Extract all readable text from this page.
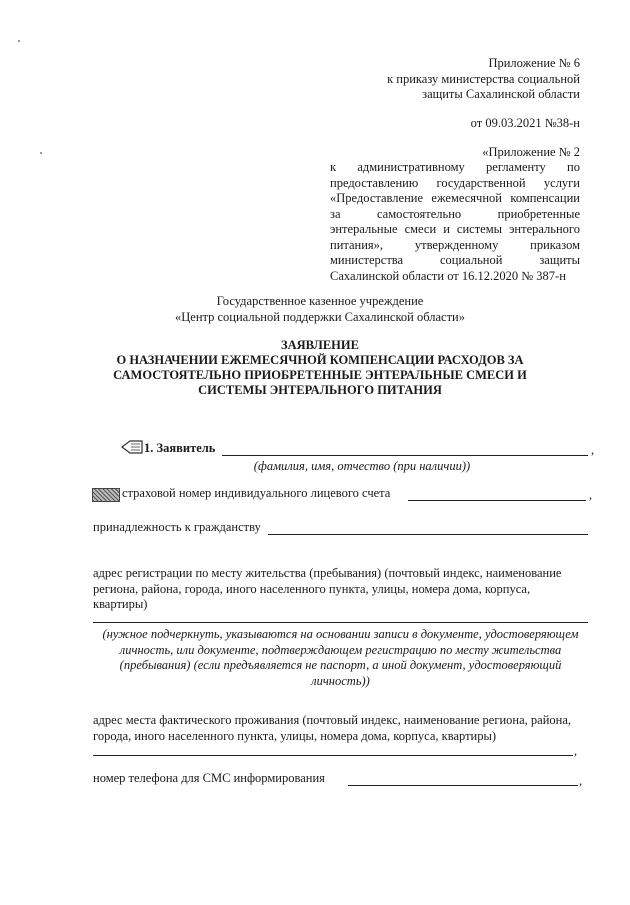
Приложение № 6
к приказу министерства социальной
защиты Сахалинской области
от 09.03.2021 №38-н
«Приложение № 2
к административному регламенту по
предоставлению государственной услуги
«Предоставление ежемесячной компенсации
за самостоятельно приобретенные
энтеральные смеси и системы энтерального
питания», утвержденному приказом
министерства социальной защиты
Сахалинской области от 16.12.2020 № 387-н
Государственное казенное учреждение
«Центр социальной поддержки Сахалинской области»
ЗАЯВЛЕНИЕ
О НАЗНАЧЕНИИ ЕЖЕМЕСЯЧНОЙ КОМПЕНСАЦИИ РАСХОДОВ ЗА
САМОСТОЯТЕЛЬНО ПРИОБРЕТЕННЫЕ ЭНТЕРАЛЬНЫЕ СМЕСИ И
СИСТЕМЫ ЭНТЕРАЛЬНОГО ПИТАНИЯ
1. Заявитель	,
(фамилия, имя, отчество (при наличии))
страховой номер индивидуального лицевого счета	,
принадлежность к гражданству
адрес регистрации по месту жительства (пребывания) (почтовый индекс, наименование
региона, района, города, иного населенного пункта, улицы, номера дома, корпуса,
квартиры)
(нужное подчеркнуть, указываются на основании записи в документе, удостоверяющем
личность, или документе, подтверждающем регистрацию по месту жительства
(пребывания) (если предъявляется не паспорт, а иной документ, удостоверяющий
личность))
адрес места фактического проживания (почтовый индекс, наименование региона, района,
города, иного населенного пункта, улицы, номера дома, корпуса, квартиры)
,
номер телефона для СМС информирования	,
